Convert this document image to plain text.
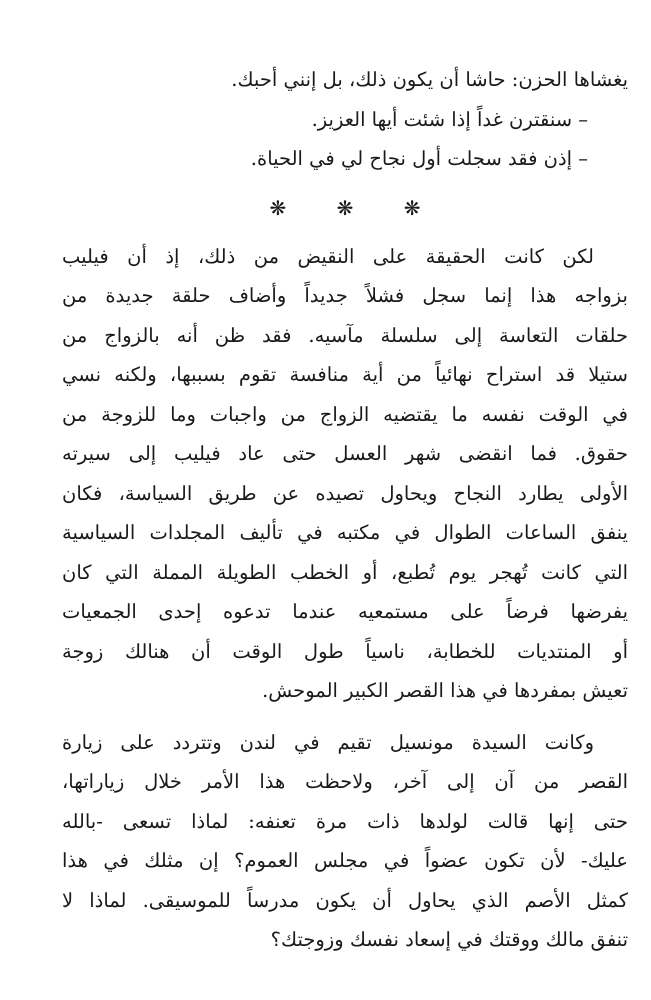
يغشاها الحزن: حاشا أن يكون ذلك، بل إنني أحبك.
– سنقترن غداً إذا شئت أيها العزيز.
– إذن فقد سجلت أول نجاح لي في الحياة.
❋ ❋ ❋
لكن كانت الحقيقة على النقيض من ذلك، إذ أن فيليب
بزواجه هذا إنما سجل فشلاً جديداً وأضاف حلقة جديدة من
حلقات التعاسة إلى سلسلة مآسيه. فقد ظن أنه بالزواج من
ستيلا قد استراح نهائياً من أية منافسة تقوم بسببها، ولكنه نسي
في الوقت نفسه ما يقتضيه الزواج من واجبات وما للزوجة من
حقوق. فما انقضى شهر العسل حتى عاد فيليب إلى سيرته
الأولى يطارد النجاح ويحاول تصيده عن طريق السياسة، فكان
ينفق الساعات الطوال في مكتبه في تأليف المجلدات السياسية
التي كانت تُهجر يوم تُطبع، أو الخطب الطويلة المملة التي كان
يفرضها فرضاً على مستمعيه عندما تدعوه إحدى الجمعيات
أو المنتديات للخطابة، ناسياً طول الوقت أن هنالك زوجة
تعيش بمفردها في هذا القصر الكبير الموحش.
وكانت السيدة مونسيل تقيم في لندن وتتردد على زيارة
القصر من آن إلى آخر، ولاحظت هذا الأمر خلال زياراتها،
حتى إنها قالت لولدها ذات مرة تعنفه: لماذا تسعى -بالله
عليك- لأن تكون عضواً في مجلس العموم؟ إن مثلك في هذا
كمثل الأصم الذي يحاول أن يكون مدرساً للموسيقى. لماذا لا
تنفق مالك ووقتك في إسعاد نفسك وزوجتك؟
